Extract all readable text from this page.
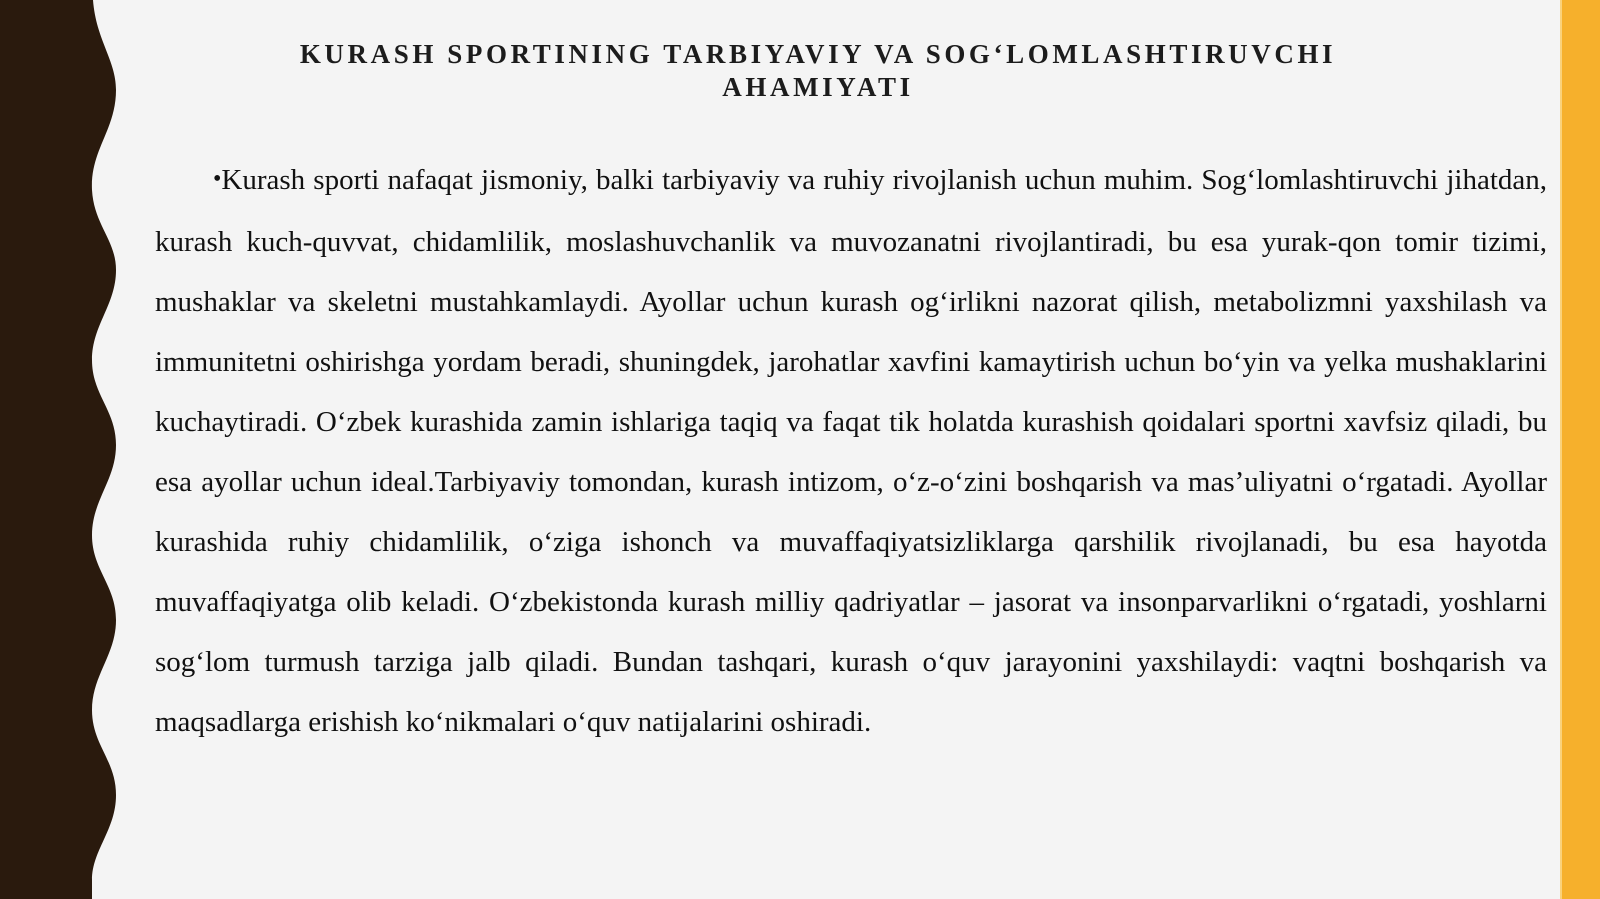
KURASH SPORTINING TARBIYAVIY VA SOG‘LOMLASHTIRUVCHI AHAMIYATI

•Kurash sporti nafaqat jismoniy, balki tarbiyaviy va ruhiy rivojlanish uchun muhim. Sog‘lomlashtiruvchi jihatdan, kurash kuch-quvvat, chidamlilik, moslashuvchanlik va muvozanatni rivojlantiradi, bu esa yurak-qon tomir tizimi, mushaklar va skeletni mustahkamlaydi. Ayollar uchun kurash og‘irlikni nazorat qilish, metabolizmni yaxshilash va immunitetni oshirishga yordam beradi, shuningdek, jarohatlar xavfini kamaytirish uchun bo‘yin va yelka mushaklarini kuchaytiradi. O‘zbek kurashida zamin ishlariga taqiq va faqat tik holatda kurashish qoidalari sportni xavfsiz qiladi, bu esa ayollar uchun ideal.Tarbiyaviy tomondan, kurash intizom, o‘z-o‘zini boshqarish va mas’uliyatni o‘rgatadi. Ayollar kurashida ruhiy chidamlilik, o‘ziga ishonch va muvaffaqiyatsizliklarga qarshilik rivojlanadi, bu esa hayotda muvaffaqiyatga olib keladi. O‘zbekistonda kurash milliy qadriyatlar – jasorat va insonparvarlikni o‘rgatadi, yoshlarni sog‘lom turmush tarziga jalb qiladi. Bundan tashqari, kurash o‘quv jarayonini yaxshilaydi: vaqtni boshqarish va maqsadlarga erishish ko‘nikmalari o‘quv natijalarini oshiradi.
